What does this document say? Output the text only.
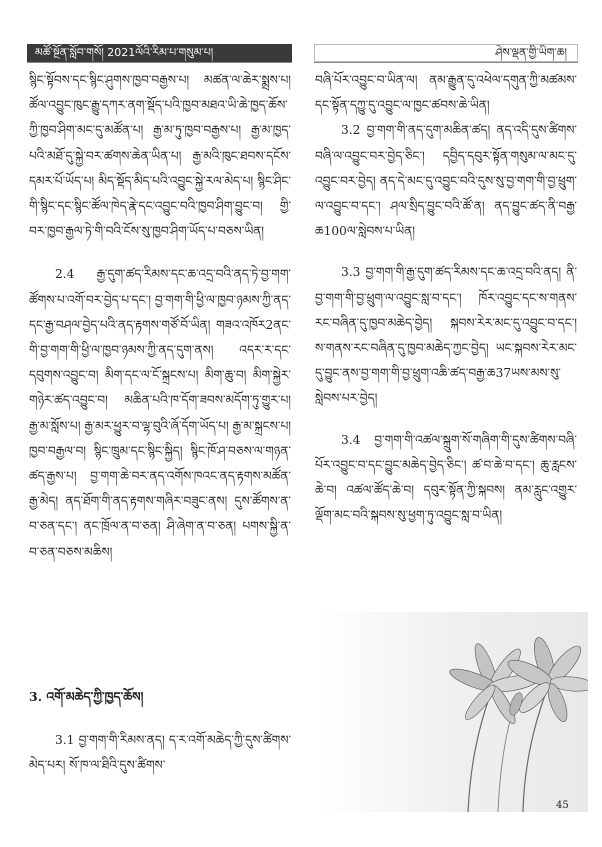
མཚོ་སྔོན་སློབ་གསོ། 2021ལོའི་རིམ་པ་གསུམ་པ།	ཤེས་ལྡན་གྱི་ཡིག་ཆ།

སྙིང་སྟོབས་དང་སྙིང་ཤུགས་ཁྱབ་བརྒྱས་པ། མཚན་ལ་ཆེར་སྨྲས་པ། ཚོལ་འབྱུང་ཁུང་རྒྱུ་དཀར་ནག་སྡོད་པའི་ཁྱབ་མཐའ་ཡི་ཆེ་ཁྱད་ཆོས་ཀྱི་ཁྱབ་ཤིག་མང་དུ་མཚོན་པ། རྒྱ་མ་ཏུ་ཁྱབ་བརྒྱས་པ། རྒྱ་མ་ཁྱད་པའི་མཐོ་དུ་སྐྱེ་བར་ཚགས་ཆེན་ཡིན་པ། རྒྱ་མའི་ཁུང་ཐབས་དངོས་དམར་པོ་ཡོད་པ། མིད་སྡོད་མིད་པའི་འབྱུང་སྐྱེ་རལ་མེད་པ། སྙིང་ཤིང་གི་སྙིང་དང་སྙིང་ཚོལ་ཁེད་རྣེ་དང་འབྱུང་བའི་ཁྱབ་ཤིག་བྱུང་བ། གྱི་བར་ཁྱབ་རྒྱལ་ཏེ་གི་བའི་ངོས་སུ་ཁྱབ་ཤིག་ཡོད་པ་བཅས་ཡིན།

2.4 རྒྱ་དུག་ཚད་རིམས་དང་ཆ་འདྲ་བའི་ནད་ཏེ་བྱ་གག་ཚོགས་པ་འགོ་བར་བྱེད་པ་དང་། བྱ་གག་གི་ཕྱི་ལ་ཁྱབ་ཉམས་ཀྱི་ནད་དང་རྒྱ་བཤལ་བྱེད་པའི་ནད་རྟགས་གཙོ་བོ་ཡིན། གཟའ་འཁོར2ནང་གི་བྱ་གག་གི་ཕྱི་ལ་ཁྱབ་ཉམས་ཀྱི་ནད་དུག་ནས། འདར་ར་དང་དབུགས་འབྱུང་བ། མིག་དང་ལ་ངོ་སྐྲངས་པ། མིག་ཆུ་བ། མིག་སྐྱེར་གཉེར་ཚད་འབྱུང་བ། མཆིན་པའི་ཁ་དོག་ཟབས་མདོག་ཏུ་གྱུར་པ། རྒྱ་མ་སློས་པ། རྒྱ་མར་ཕྱུར་བ་ལྷ་བུའི་ཞོ་དོག་ཡོད་པ། རྒྱ་མ་སྐྲངས་པ། ཁྱབ་བརྒྱལ་བ། སྙིང་ཁྲུམ་དང་སྙིང་སྐྱིད། སྙིང་ཁོ་ཤ་བཅས་ལ་གཉན་ཚད་རྒྱས་པ། བྱ་གག་ཆེ་བར་ནད་འགོས་ཁའང་ནད་རྟགས་མཚོན་རྒྱ་མེད། ནད་ཐོག་གི་ནད་རྟགས་གཞིར་བཟུང་ནས། དུས་ཚོགས་ན་བ་ཅན་དང་། ནང་ཁྲོལ་ན་བ་ཅན། ཤི་ཞེག་ན་བ་ཅན། པགས་སྐྱི་ན་བ་ཅན་བཅས་མཆིས།

3. འགོ་མཆེད་ཀྱི་ཁྱད་ཆོས།

3.1 བྱ་གག་གི་རིམས་ནད། ད་ར་འགོ་མཆེད་ཀྱི་དུས་ཚིགས་མེད་པར། སོ་ཁ་ལ་ཐིའི་དུས་ཚིགས་

བཞི་པོར་འབྱུང་བ་ཡིན་ལ། ནམ་རྒྱུན་དུ་འཕེལ་དགུན་ཀྱི་མཚམས་དང་སྟོན་དཀྱུ་དུ་འབྱུང་ལ་ཁྱང་ཚབས་ཆེ་ཡིན།

3.2 བྱ་གག་གི་ནད་དུག་མཆིན་ཚད། ནད་འདི་དུས་ཚིགས་བཞི་ལ་འབྱུང་བར་བྱེད་ཅིང་། དབྱིད་དབུར་སྟོན་གསུམ་ལ་མང་དུ་འབྱུང་བར་བྱེད། ནད་དེ་མང་དུ་འབྱུང་བའི་དུས་སུ་བྱ་གག་གི་བྱ་ཕྲུག་ལ་འབྱུང་བ་དང་། ཤལ་སྲིད་བྱུང་བའི་ཚོ་ན། ནད་བྱུང་ཚད་ནི་བརྒྱ་ཆ100ལ་སླེབས་པ་ཡིན།

3.3 བྱ་གག་གི་རྒྱ་དུག་ཚད་རིམས་དང་ཆ་འདྲ་བའི་ནད། ནི་བྱ་གག་གི་བྱ་ཕྲུག་ལ་འབྱུང་སླ་བ་དང་། ཁོར་འབྱུང་དང་ས་གནས་རང་བཞིན་དུ་ཁྱབ་མཆེད་བྱེད། སྐབས་རེར་མང་དུ་འབྱུང་བ་དང་། ས་གནས་རང་བཞིན་དུ་ཁྱབ་མཆེད་ཀྱང་བྱེད། ཡང་སྐབས་རེར་མང་དུ་བྱུང་ནས་བྱ་གག་གི་བྱ་ཕྲུག་འཆི་ཚད་བརྒྱ་ཆ37ཡས་མས་སུ་སླེབས་པར་བྱེད།

3.4 བྱ་གག་གི་འཚལ་སྐྲུག་སོ་གཞིག་གི་དུས་ཚིགས་བཞི་པོར་འབྱུང་བ་དང་བྱུང་མཆེད་བྱེད་ཅིང་། ཚ་བ་ཆེ་བ་དང་། ཆུ་རླངས་ཆེ་བ། འཚལ་ཚོད་ཆེ་བ། དབུར་སྟོན་ཀྱི་སྐབས། ནམ་རླུང་འགྱུར་ལྡོག་མང་བའི་སྐབས་སུ་ཕྱག་ཏུ་འབྱུང་སླ་བ་ཡིན།

45
